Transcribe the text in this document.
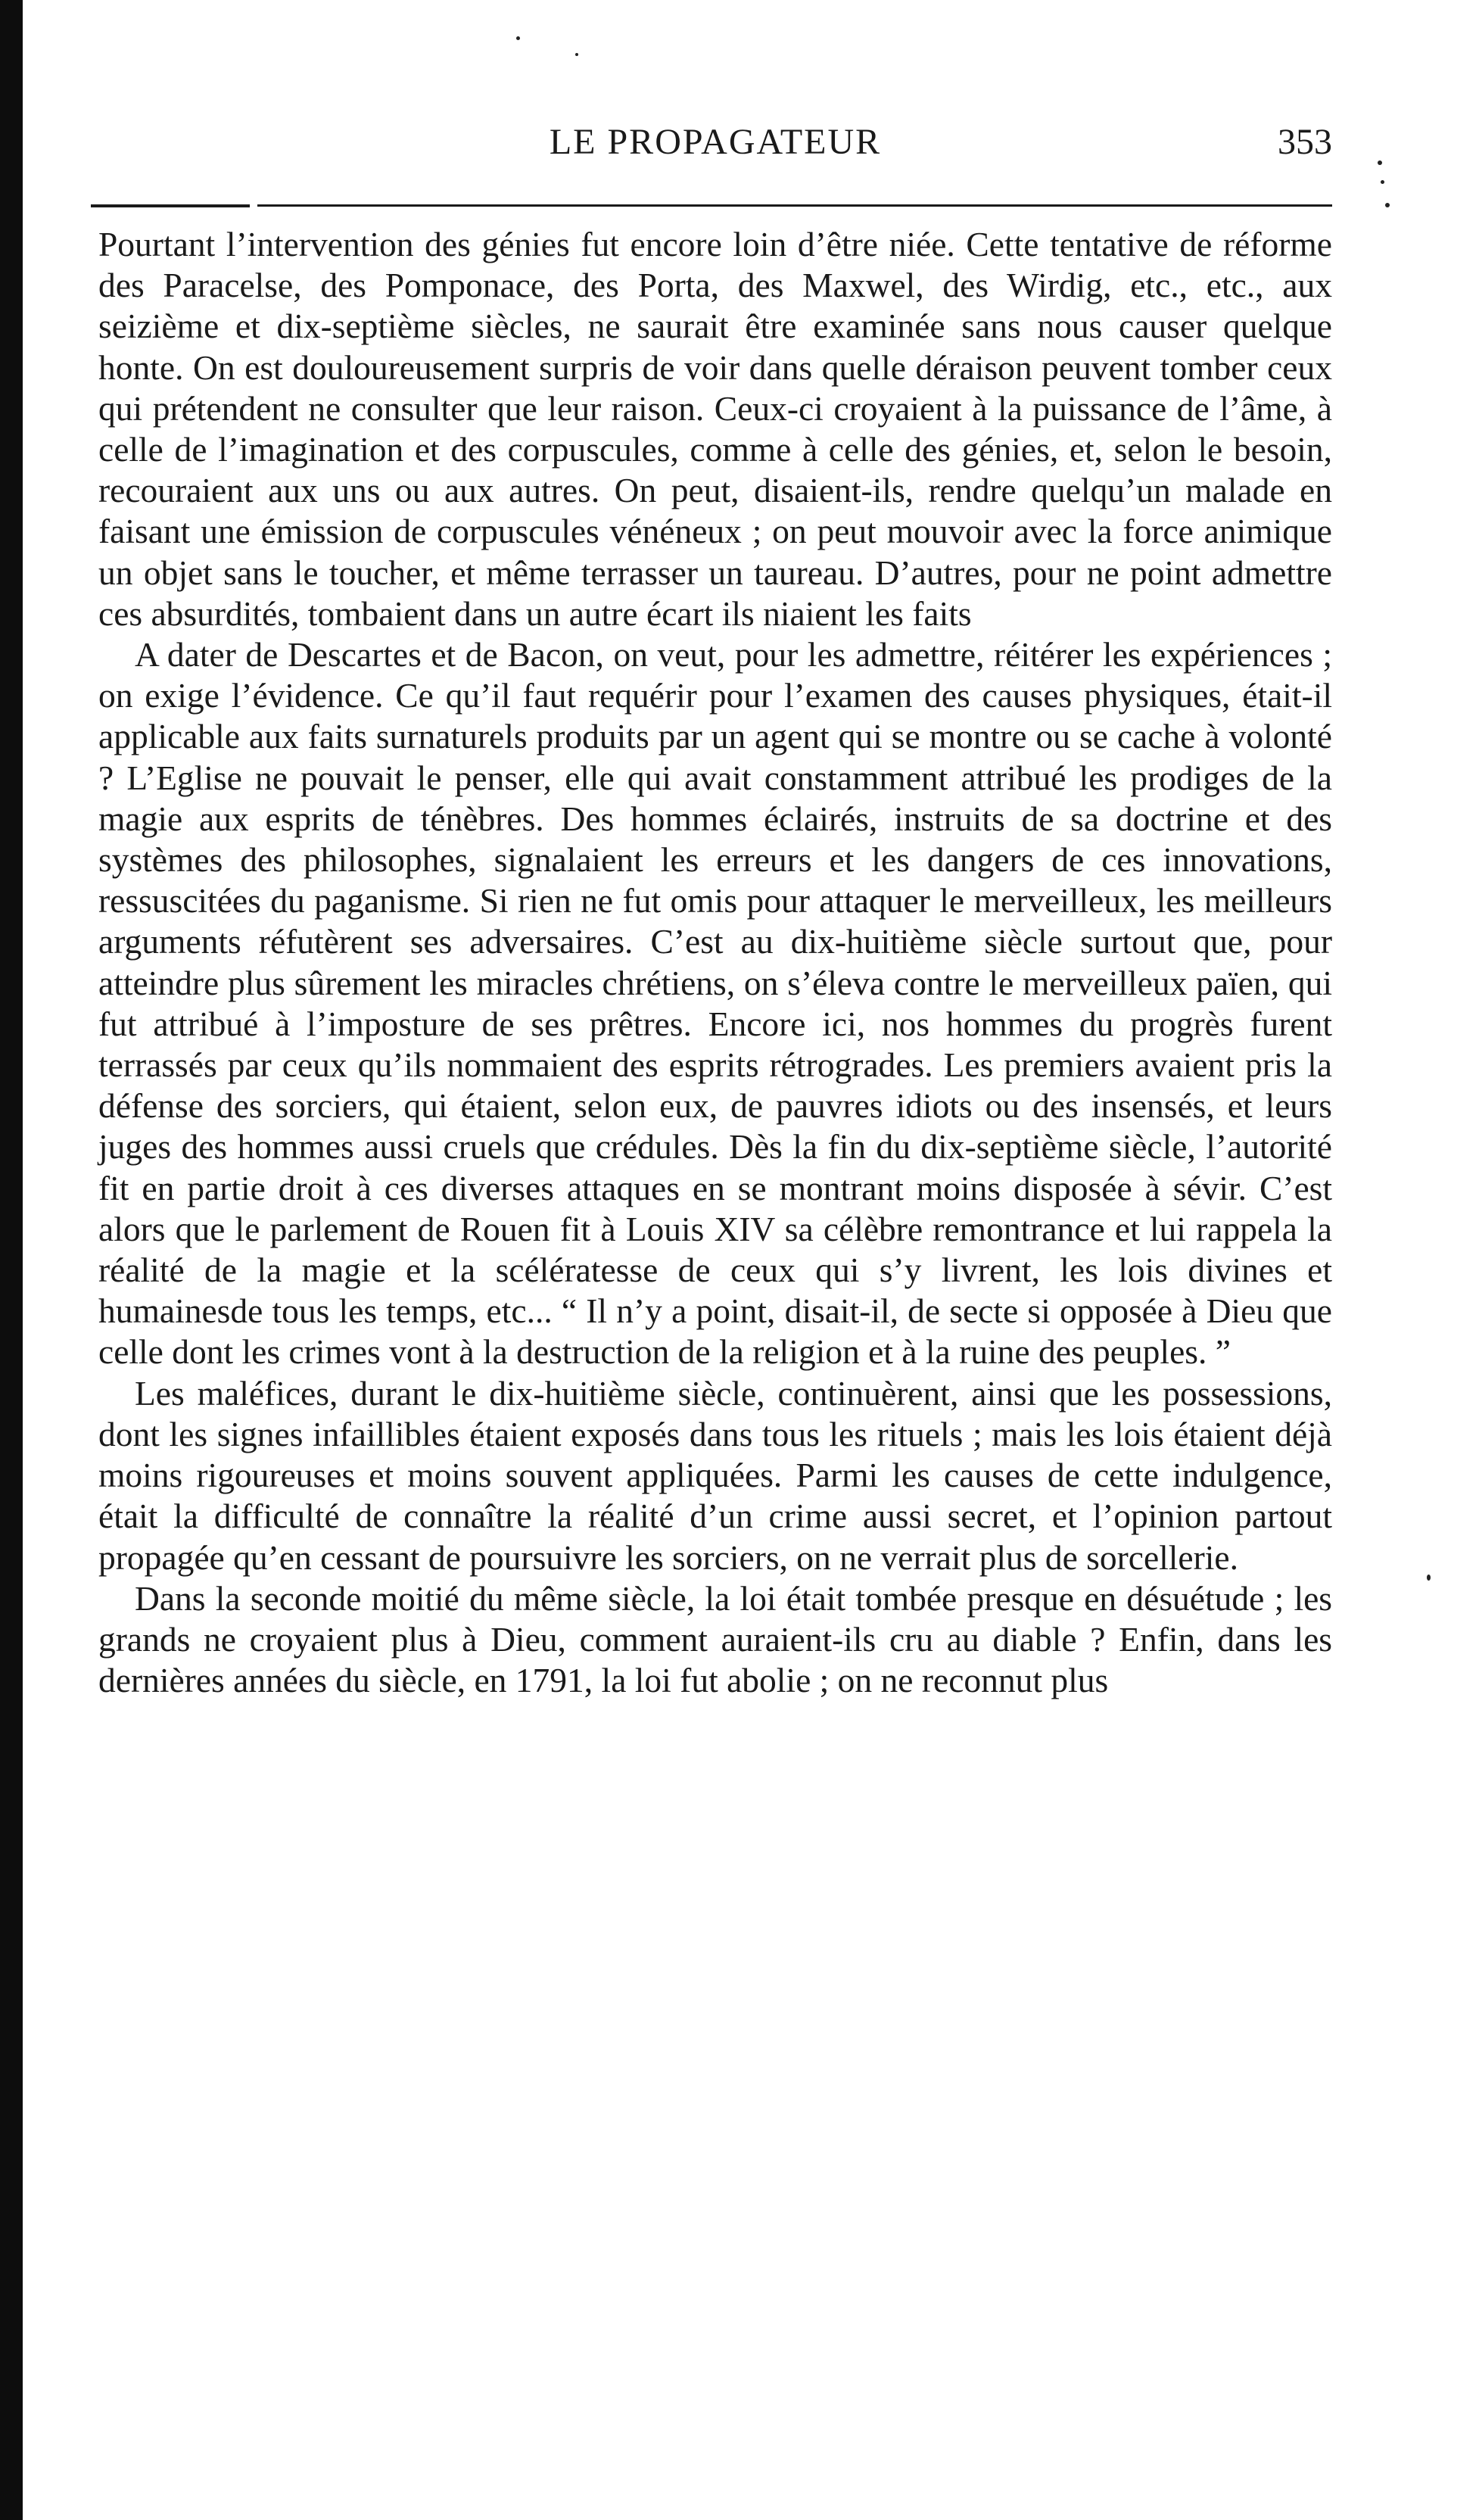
LE PROPAGATEUR	353

Pourtant l’intervention des génies fut encore loin d’être niée. Cette tentative de réforme des Paracelse, des Pomponace, des Porta, des Maxwel, des Wirdig, etc., etc., aux seizième et dix-septième siècles, ne saurait être examinée sans nous causer quelque honte. On est douloureusement surpris de voir dans quelle déraison peuvent tomber ceux qui prétendent ne consulter que leur raison. Ceux-ci croyaient à la puissance de l’âme, à celle de l’imagination et des corpuscules, comme à celle des génies, et, selon le besoin, recouraient aux uns ou aux autres. On peut, disaient-ils, rendre quelqu’un malade en faisant une émission de corpuscules vénéneux ; on peut mouvoir avec la force animique un objet sans le toucher, et même terrasser un taureau. D’autres, pour ne point admettre ces absurdités, tombaient dans un autre écart ils niaient les faits

A dater de Descartes et de Bacon, on veut, pour les admettre, réitérer les expériences ; on exige l’évidence. Ce qu’il faut requérir pour l’examen des causes physiques, était-il applicable aux faits surnaturels produits par un agent qui se montre ou se cache à volonté ? L’Eglise ne pouvait le penser, elle qui avait constamment attribué les prodiges de la magie aux esprits de ténèbres. Des hommes éclairés, instruits de sa doctrine et des systèmes des philosophes, signalaient les erreurs et les dangers de ces innovations, ressuscitées du paganisme. Si rien ne fut omis pour attaquer le merveilleux, les meilleurs arguments réfutèrent ses adversaires. C’est au dix-huitième siècle surtout que, pour atteindre plus sûrement les miracles chrétiens, on s’éleva contre le merveilleux païen, qui fut attribué à l’imposture de ses prêtres. Encore ici, nos hommes du progrès furent terrassés par ceux qu’ils nommaient des esprits rétrogrades. Les premiers avaient pris la défense des sorciers, qui étaient, selon eux, de pauvres idiots ou des insensés, et leurs juges des hommes aussi cruels que crédules. Dès la fin du dix-septième siècle, l’autorité fit en partie droit à ces diverses attaques en se montrant moins disposée à sévir. C’est alors que le parlement de Rouen fit à Louis XIV sa célèbre remontrance et lui rappela la réalité de la magie et la scélératesse de ceux qui s’y livrent, les lois divines et humainesde tous les temps, etc... “ Il n’y a point, disait-il, de secte si opposée à Dieu que celle dont les crimes vont à la destruction de la religion et à la ruine des peuples. ”

Les maléfices, durant le dix-huitième siècle, continuèrent, ainsi que les possessions, dont les signes infaillibles étaient exposés dans tous les rituels ; mais les lois étaient déjà moins rigoureuses et moins souvent appliquées. Parmi les causes de cette indulgence, était la difficulté de connaître la réalité d’un crime aussi secret, et l’opinion partout propagée qu’en cessant de poursuivre les sorciers, on ne verrait plus de sorcellerie.

Dans la seconde moitié du même siècle, la loi était tombée presque en désuétude ; les grands ne croyaient plus à Dieu, comment auraient-ils cru au diable ? Enfin, dans les dernières années du siècle, en 1791, la loi fut abolie ; on ne reconnut plus
